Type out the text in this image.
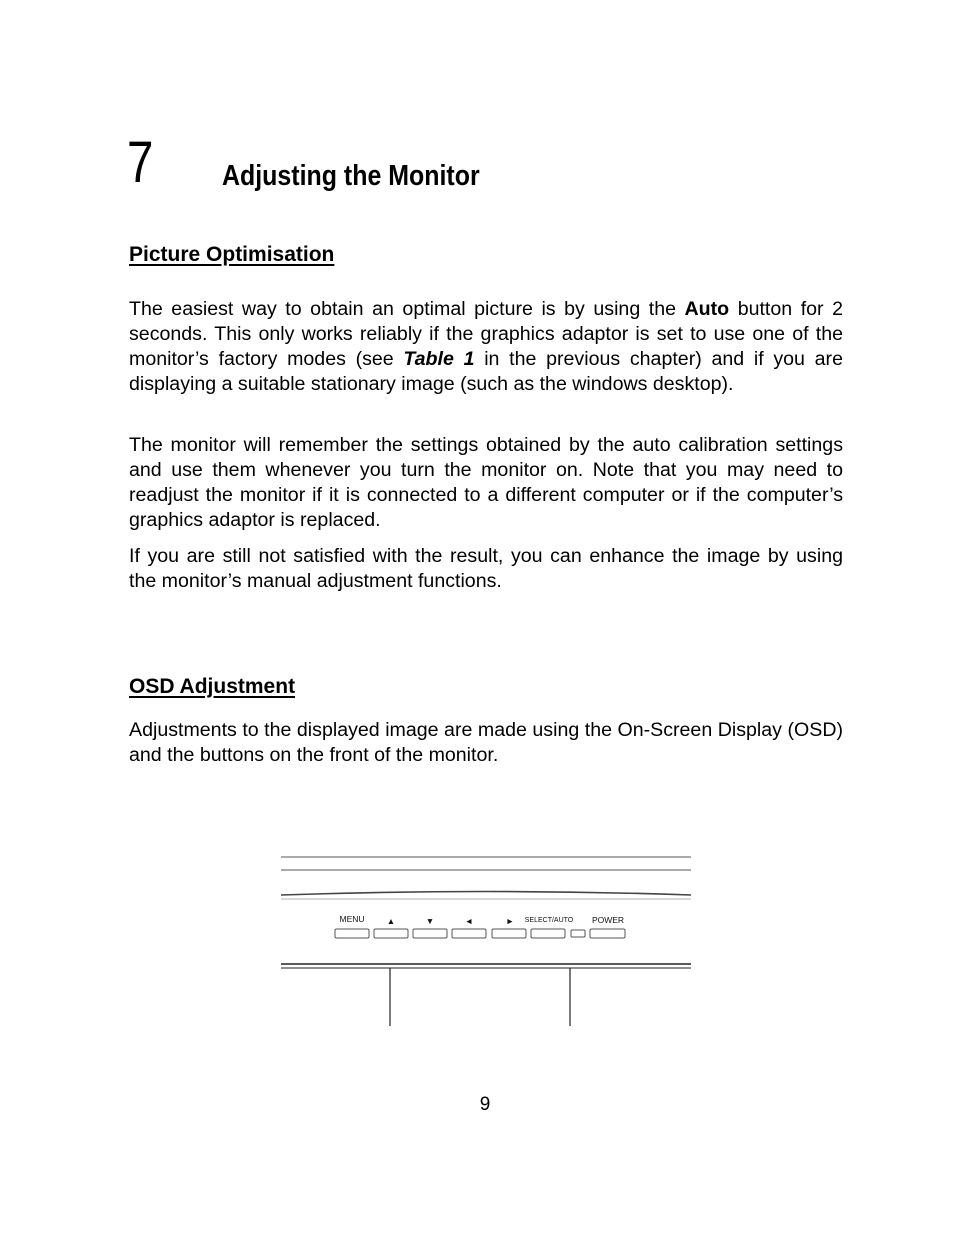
7 Adjusting the Monitor
Picture Optimisation

The easiest way to obtain an optimal picture is by using the Auto button for 2 seconds. This only works reliably if the graphics adaptor is set to use one of the monitor’s factory modes (see Table 1 in the previous chapter) and if you are displaying a suitable stationary image (such as the windows desktop).

The monitor will remember the settings obtained by the auto calibration settings and use them whenever you turn the monitor on. Note that you may need to readjust the monitor if it is connected to a different computer or if the computer’s graphics adaptor is replaced.

If you are still not satisfied with the result, you can enhance the image by using the monitor’s manual adjustment functions.

OSD Adjustment

Adjustments to the displayed image are made using the On-Screen Display (OSD) and the buttons on the front of the monitor.

MENU	▲	▼	◄	► SELECT/AUTO POWER
9
